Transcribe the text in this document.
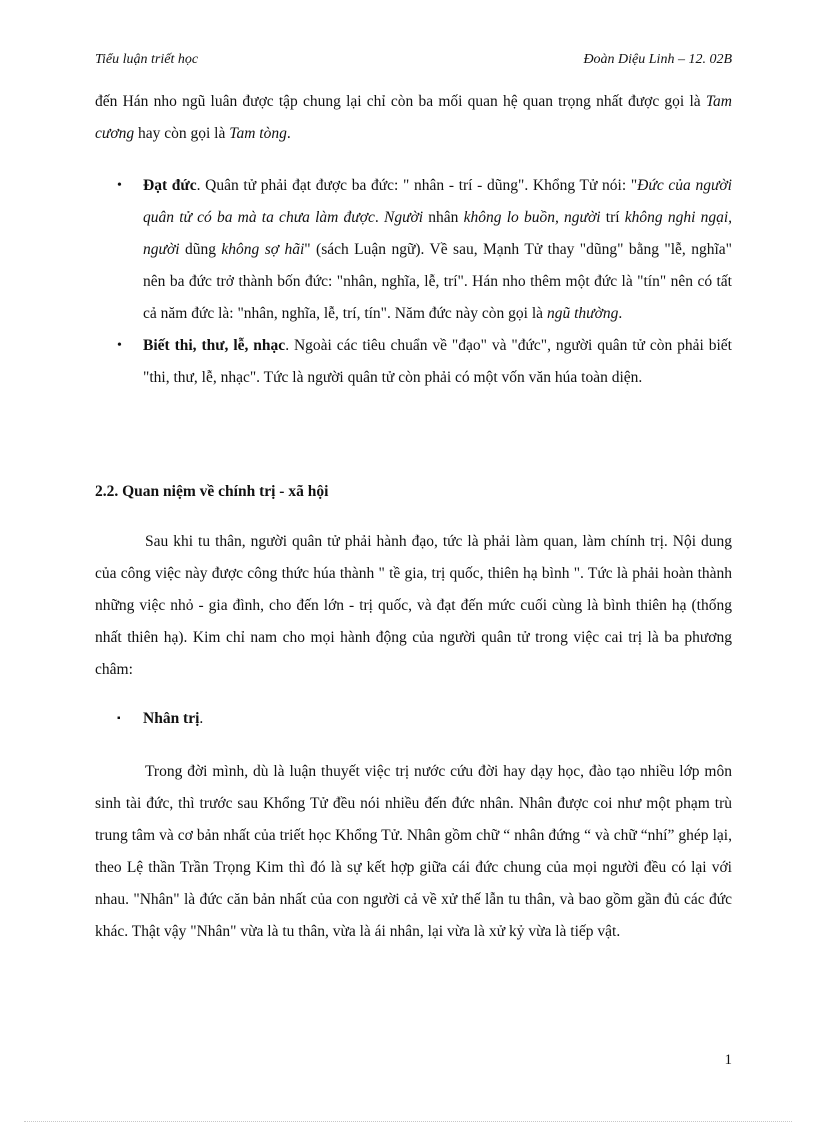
Tiểu luận triết học	Đoàn Diệu Linh – 12. 02B

đến Hán nho ngũ luân được tập chung lại chỉ còn ba mối quan hệ quan trọng nhất được gọi là Tam cương hay còn gọi là Tam tòng.

• Đạt đức. Quân tử phải đạt được ba đức: " nhân - trí - dũng". Khổng Tử nói: "Đức của người quân tử có ba mà ta chưa làm được. Người nhân không lo buồn, người trí không nghi ngại, người dũng không sợ hãi" (sách Luận ngữ). Về sau, Mạnh Tử thay "dũng" bằng "lễ, nghĩa" nên ba đức trở thành bốn đức: "nhân, nghĩa, lễ, trí". Hán nho thêm một đức là "tín" nên có tất cả năm đức là: "nhân, nghĩa, lễ, trí, tín". Năm đức này còn gọi là ngũ thường.

• Biết thi, thư, lễ, nhạc. Ngoài các tiêu chuẩn về "đạo" và "đức", người quân tử còn phải biết "thi, thư, lễ, nhạc". Tức là người quân tử còn phải có một vốn văn húa toàn diện.

2.2. Quan niệm về chính trị - xã hội

Sau khi tu thân, người quân tử phải hành đạo, tức là phải làm quan, làm chính trị. Nội dung của công việc này được công thức húa thành " tề gia, trị quốc, thiên hạ bình ". Tức là phải hoàn thành những việc nhỏ - gia đình, cho đến lớn - trị quốc, và đạt đến mức cuối cùng là bình thiên hạ (thống nhất thiên hạ). Kim chỉ nam cho mọi hành động của người quân tử trong việc cai trị là ba phương châm:

▪ Nhân trị.

Trong đời mình, dù là luận thuyết việc trị nước cứu đời hay dạy học, đào tạo nhiều lớp môn sinh tài đức, thì trước sau Khổng Tử đều nói nhiều đến đức nhân. Nhân được coi như một phạm trù trung tâm và cơ bản nhất của triết học Khổng Tử. Nhân gồm chữ “ nhân đứng “ và chữ “nhí” ghép lại, theo Lệ thần Trần Trọng Kim thì đó là sự kết hợp giữa cái đức chung của mọi người đều có lại với nhau. "Nhân" là đức căn bản nhất của con người cả về xử thế lẫn tu thân, và bao gồm gần đủ các đức khác. Thật vậy "Nhân" vừa là tu thân, vừa là ái nhân, lại vừa là xử kỷ vừa là tiếp vật.

1
